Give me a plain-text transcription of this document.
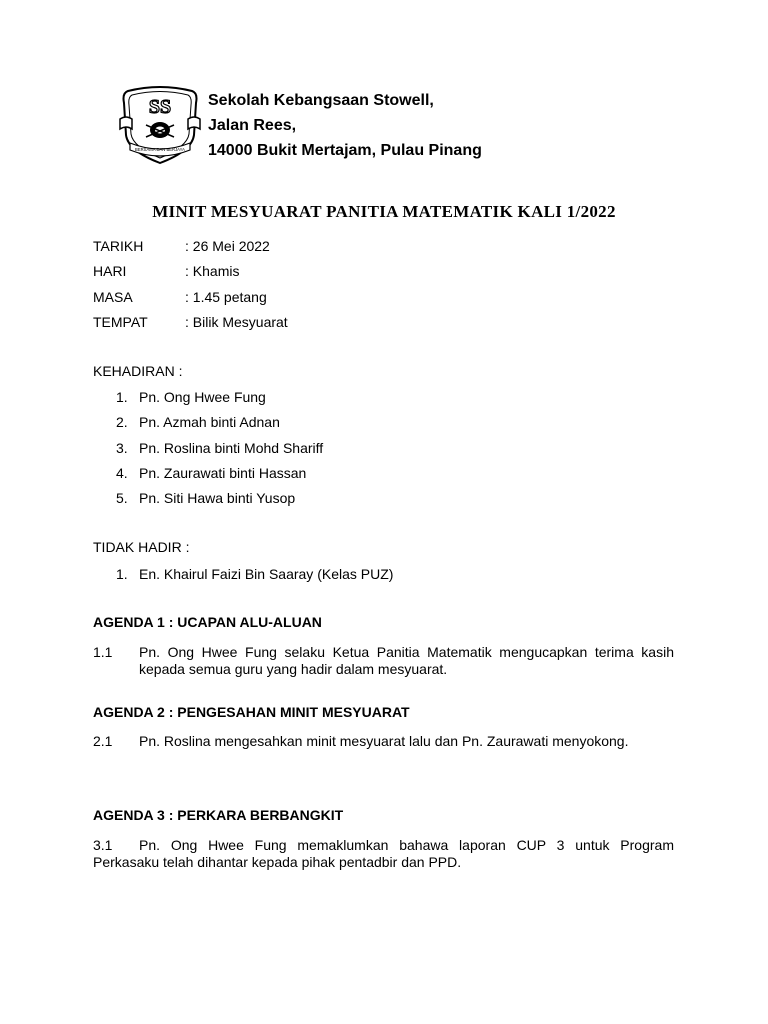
SS
BERSAMA DAN BERJAYA
Sekolah Kebangsaan Stowell,
Jalan Rees,
14000 Bukit Mertajam, Pulau Pinang
MINIT MESYUARAT PANITIA MATEMATIK KALI 1/2022
TARIKH	: 26 Mei 2022
HARI	: Khamis
MASA	: 1.45 petang
TEMPAT	: Bilik Mesyuarat
KEHADIRAN :
1. Pn. Ong Hwee Fung
2. Pn. Azmah binti Adnan
3. Pn. Roslina binti Mohd Shariff
4. Pn. Zaurawati binti Hassan
5. Pn. Siti Hawa binti Yusop
TIDAK HADIR :
1. En. Khairul Faizi Bin Saaray (Kelas PUZ)
AGENDA 1 : UCAPAN ALU-ALUAN
1.1	Pn. Ong Hwee Fung selaku Ketua Panitia Matematik mengucapkan terima kasih kepada semua guru yang hadir dalam mesyuarat.
AGENDA 2 : PENGESAHAN MINIT MESYUARAT
2.1 Pn. Roslina mengesahkan minit mesyuarat lalu dan Pn. Zaurawati menyokong.
AGENDA 3 : PERKARA BERBANGKIT
3.1 Pn. Ong Hwee Fung memaklumkan bahawa laporan CUP 3 untuk Program Perkasaku telah dihantar kepada pihak pentadbir dan PPD.
